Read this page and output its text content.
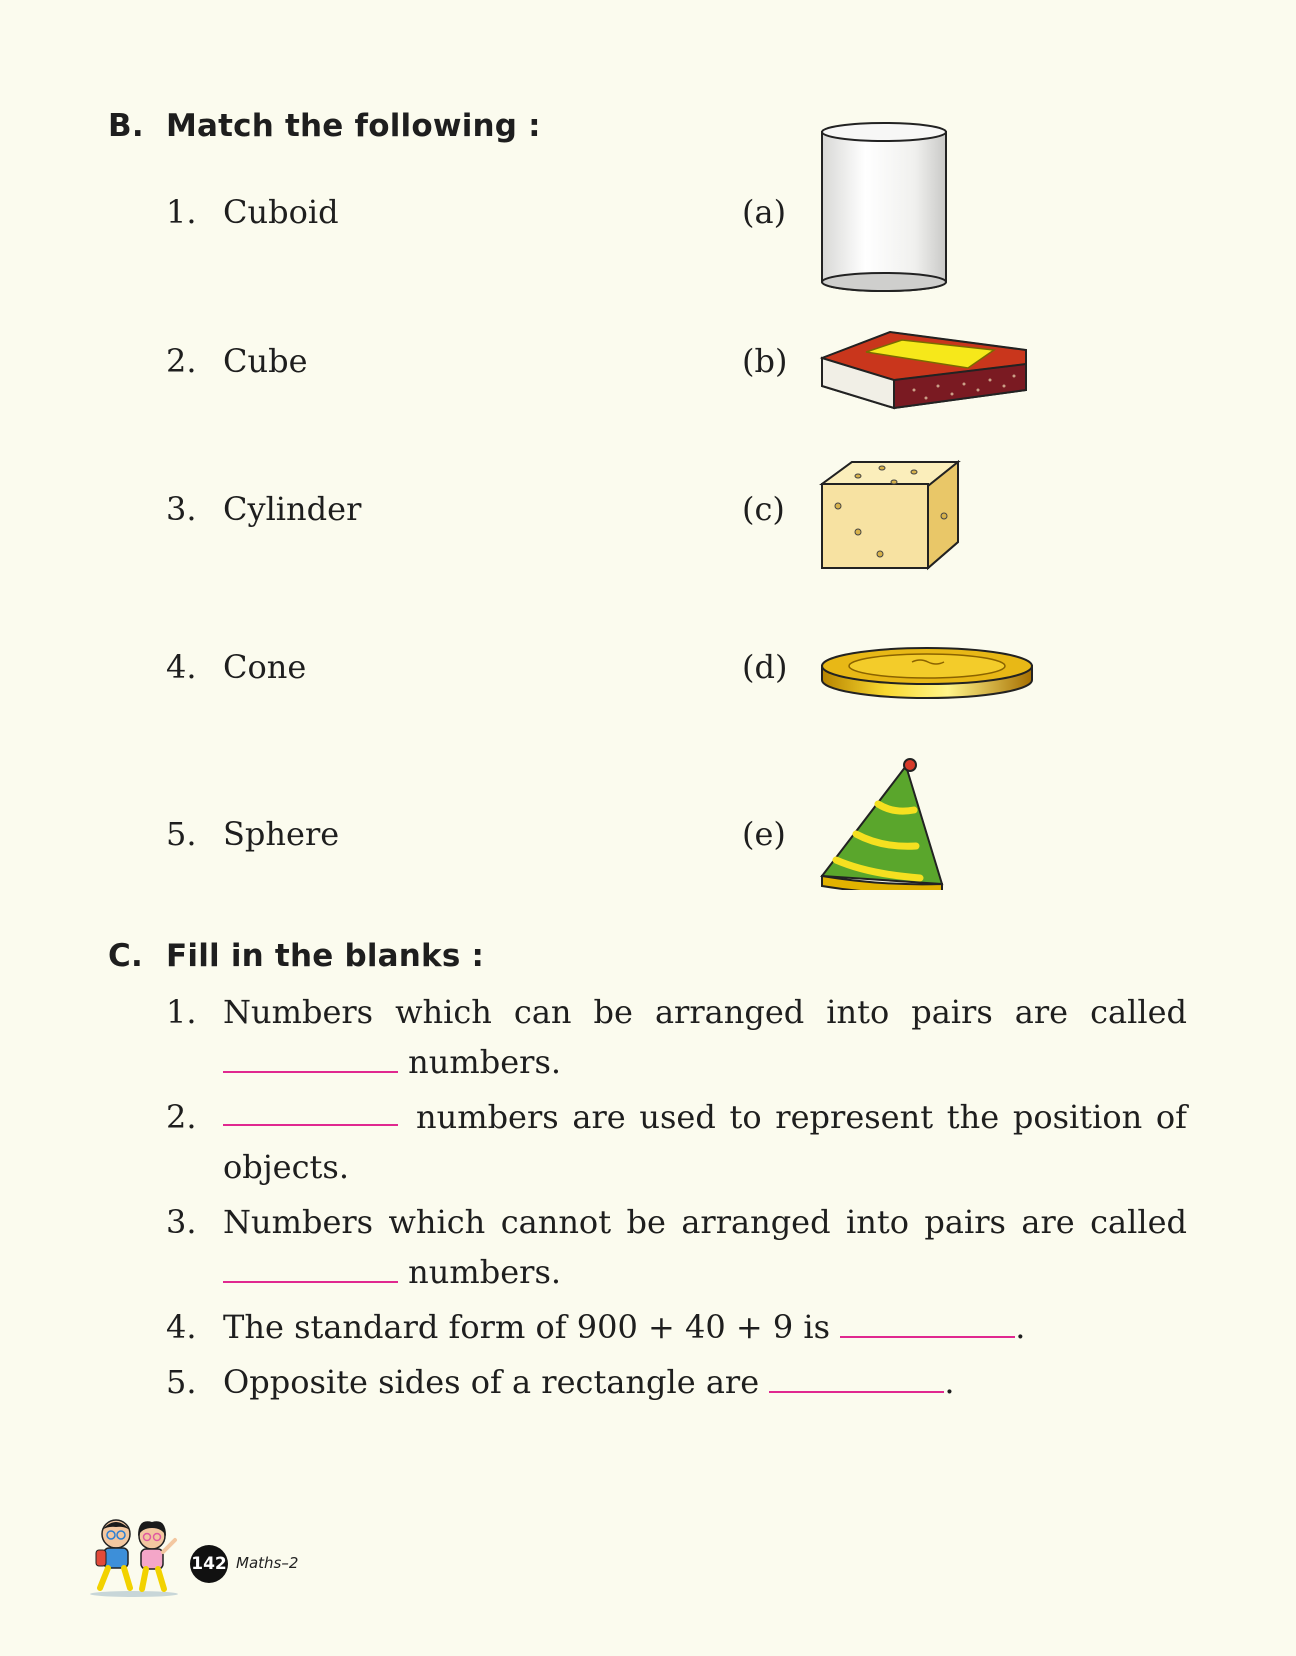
B. Match the following :
1. Cuboid	(a)
2. Cube	(b)
3. Cylinder	(c)
4. Cone	(d)
5. Sphere	(e)
C. Fill in the blanks :
1. Numbers which can be arranged into pairs are called
numbers.
2.	numbers are used to represent the position of
objects.
3. Numbers which cannot be arranged into pairs are called
numbers.
4. The standard form of 900 + 40 + 9 is	.
5. Opposite sides of a rectangle are	.
142 Maths–2
